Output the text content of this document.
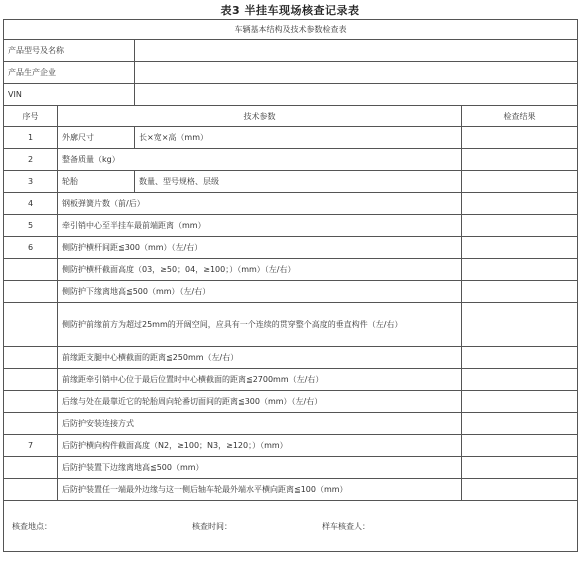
表3 半挂车现场核查记录表
车辆基本结构及技术参数检查表			
产品型号及名称			
产品生产企业			
VIN			
序号	技术参数		检查结果
1	外廓尺寸	长×宽×高（mm）	
2	整备质量（kg）		
3	轮胎	数量、型号规格、层级	
4	钢板弹簧片数（前/后）		
5	牵引销中心至半挂车最前端距离（mm）		
6	侧防护横杆间距≦300（mm）（左/右）		
	侧防护横杆截面高度（03，≥50；04，≥100；）（mm）（左/右）		
	侧防护下缘离地高≦500（mm）（左/右）		
	侧防护前缘前方为超过25mm的开阔空间，应具有一个连续的贯穿整个高度的垂直构件（左/右）		
	前缘距支腿中心横截面的距离≦250mm（左/右）		
	前缘距牵引销中心位于最后位置时中心横截面的距离≦2700mm（左/右）		
	后缘与处在最靠近它的轮胎周向轮番切面间的距离≦300（mm）（左/右）		
	后防护安装连接方式		
7	后防护横向构件截面高度（N2，≥100；N3，≥120；）（mm）		
	后防护装置下边缘离地高≦500（mm）		
	后防护装置任一端最外边缘与这一侧后轴车轮最外端水平横向距离≦100（mm）		

核查地点： 核查时间： 样车核查人：			
